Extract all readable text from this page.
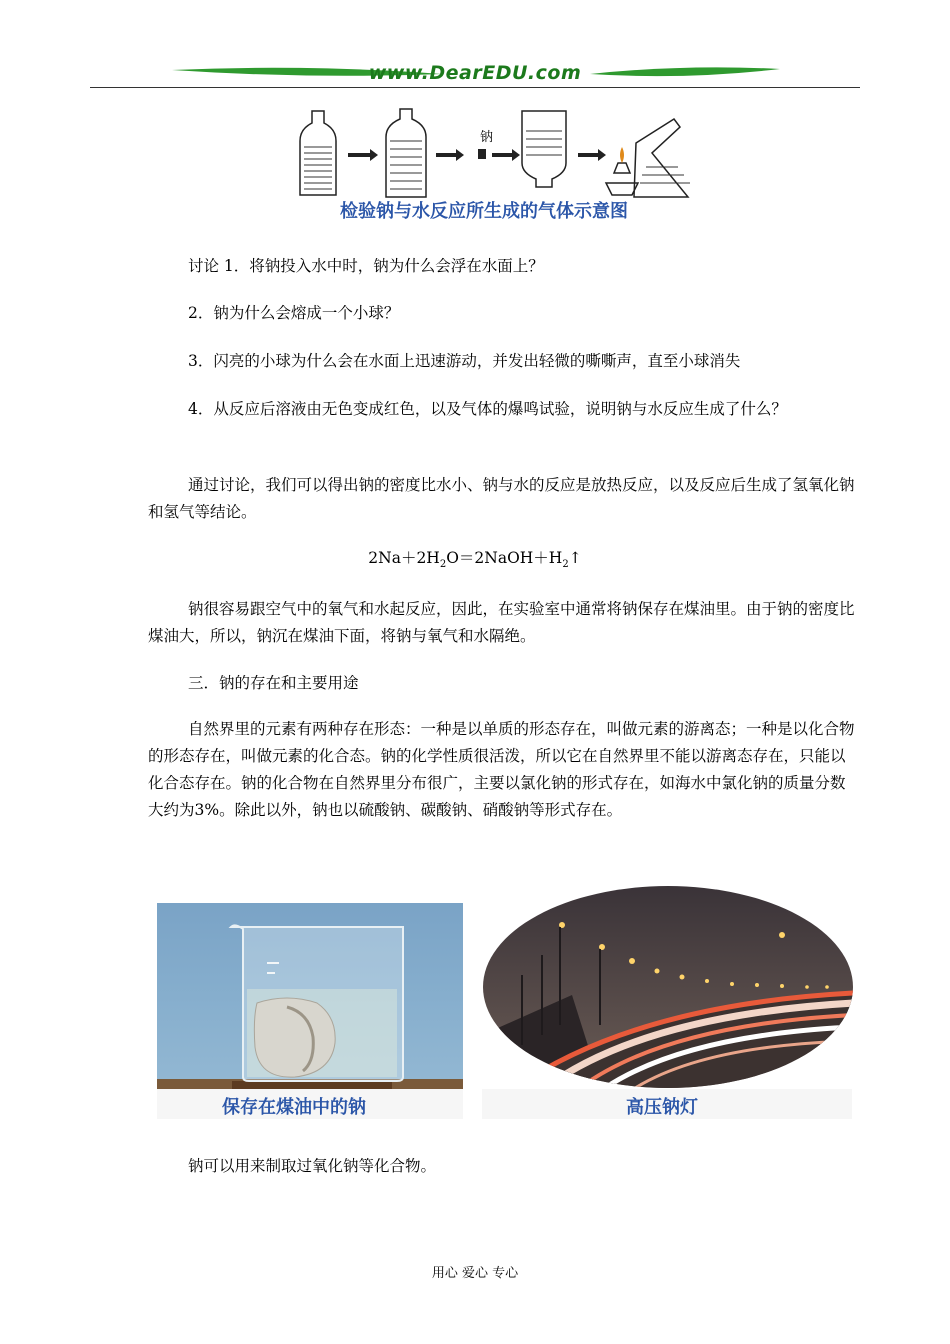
www.DearEDU.com
钠
检验钠与水反应所生成的气体示意图

讨论 1．将钠投入水中时，钠为什么会浮在水面上？

2．钠为什么会熔成一个小球？

3．闪亮的小球为什么会在水面上迅速游动，并发出轻微的嘶嘶声，直至小球消失

4．从反应后溶液由无色变成红色，以及气体的爆鸣试验，说明钠与水反应生成了什么？

通过讨论，我们可以得出钠的密度比水小、钠与水的反应是放热反应，以及反应后生成了氢氧化钠和氢气等结论。

$2Na+2H_2O=2NaOH+H_2↑$

钠很容易跟空气中的氧气和水起反应，因此，在实验室中通常将钠保存在煤油里。由于钠的密度比煤油大，所以，钠沉在煤油下面，将钠与氧气和水隔绝。

三．钠的存在和主要用途

自然界里的元素有两种存在形态：一种是以单质的形态存在，叫做元素的游离态；一种是以化合物的形态存在，叫做元素的化合态。钠的化学性质很活泼，所以它在自然界里不能以游离态存在，只能以化合态存在。钠的化合物在自然界里分布很广，主要以氯化钠的形式存在，如海水中氯化钠的质量分数大约为3%。除此以外，钠也以硫酸钠、碳酸钠、硝酸钠等形式存在。

保存在煤油中的钠	高压钠灯

钠可以用来制取过氧化钠等化合物。

用心 爱心 专心
